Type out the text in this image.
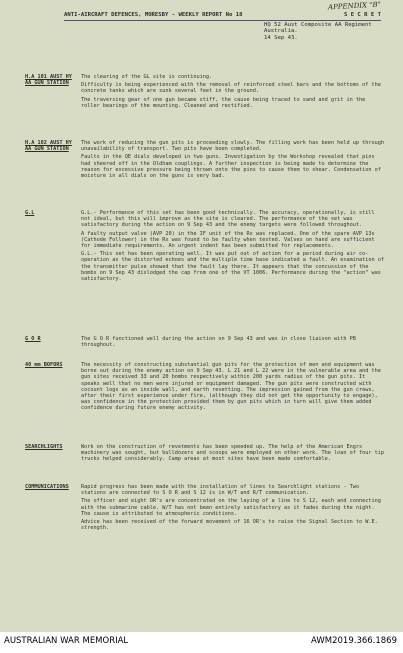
APPENDIX "B"
ANTI-AIRCRAFT DEFENCES, MORESBY - WEEKLY REPORT No 18	S E C R E T
HQ 52 Aust Composite AA Regiment
Australia.
14 Sep 43.
H.A 101 AUST HY AA GUN STATION

The clearing of the GL site is continuing.

Difficulty is being experienced with the removal of reinforced steel bars and the bottoms of the concrete tanks which are sunk several feet in the ground.

The traversing gear of one gun became stiff, the cause being traced to sand and grit in the roller bearings of the mounting. Cleaned and rectified.

H.A 102 AUST HY AA GUN STATION

The work of reducing the gun pits is proceeding slowly. The filling work has been held up through unavailability of transport. Two pits have been completed.

Faults in the QE dials developed in two guns. Investigation by the Workshop revealed that pins had sheered off in the Oldham couplings. A further inspection is being made to determine the reason for excessive pressure being thrown onto the pins to cause them to shear. Condensation of moisture in all dials on the guns is very bad.

G.L	G.L.- Performance of this set has been good technically. The accuracy, operationally, is still not ideal, but this will improve as the site is cleared. The performance of the set was satisfactory during the action on 9 Sep 43 and the enemy targets were followed throughout.

A faulty output valve (AVP 20) in the IF unit of the Rx was replaced. One of the spare AVP 13s (Cathode Follower) in the Rx was found to be faulty when tested. Valves on hand are sufficient for immediate requirements. An urgent indent has been submitted for replacements.

G.L.- This set has been operating well. It was put out of action for a period during air co-operation as the distorted echoes and the multiple time base indicated a fault. An examination of the transmitter pulse showed that the fault lay there. It appears that the concussion of the bombs on 9 Sep 43 dislodged the cap from one of the VT 1006. Performance during the "action" was satisfactory.

G O R	The G O R functioned well during the action on 9 Sep 43 and was in close liaison with PB throughout.

40 mm BOFORS	The necessity of constructing substantial gun pits for the protection of men and equipment was borne out during the enemy action on 9 Sep 43. L 21 and L 22 were in the vulnerable area and the gun sites received 33 and 20 bombs respectively within 200 yards radius of the gun pits. It speaks well that no men were injured or equipment damaged. The gun pits were constructed with cocount logs as an inside wall, and earth revetting. The impression gained from the gun crews, after their first experience under fire, (although they did not get the opportunity to engage), was confidence in the protection provided them by gun pits which in turn will give them added confidence during future enemy activity.

SEARCHLIGHTS	Work on the construction of revetments has been speeded up. The help of the American Engrs machinery was sought, but bulldozers and scoops were employed on other work. The loan of four tip trucks helped considerably. Camp areas at most sites have been made comfortable.

COMMUNICATIONS	Rapid progress has been made with the installation of lines to Searchlight stations - Two stations are connected to S O R and S 12 is in W/T and R/T communication.

The officer and eight OR's are concentrated on the laying of a line to S 12, each and connecting with the submarine cable. W/T has not been entirely satisfactory as it fades during the night. The cause is attributed to atmospheric conditions.

Advice has been received of the forward movement of 16 OR's to raise the Signal Section to W.E. strength.

AUSTRALIAN WAR MEMORIAL	AWM2019.366.1869
